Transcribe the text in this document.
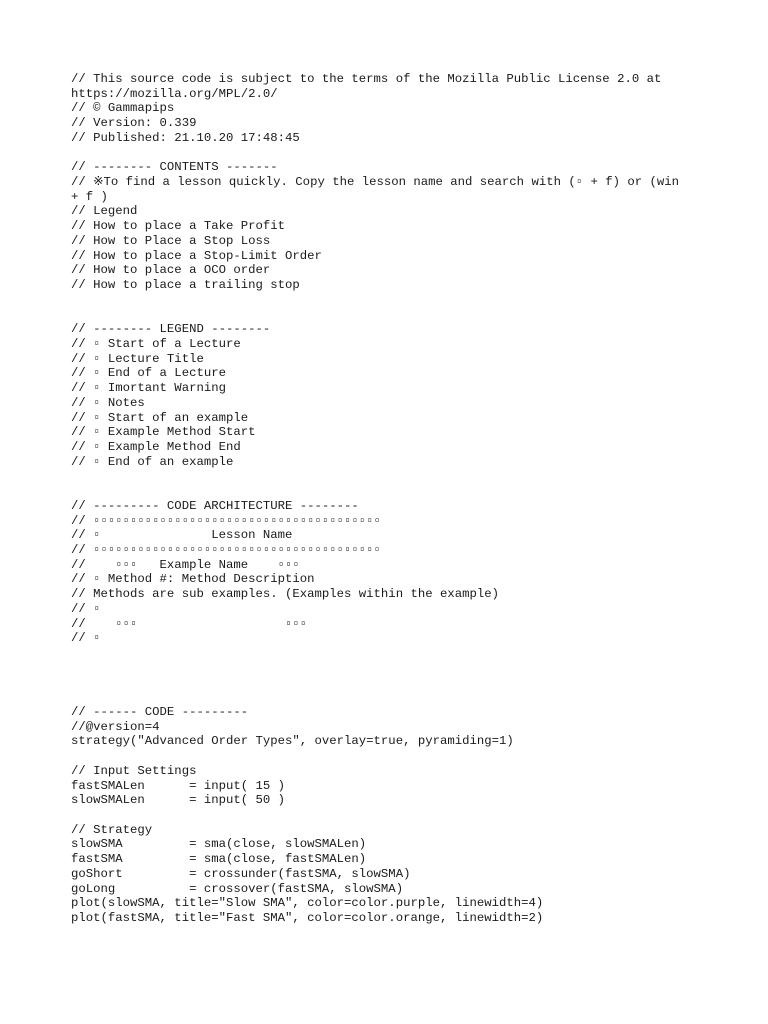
// This source code is subject to the terms of the Mozilla Public License 2.0 at
https://mozilla.org/MPL/2.0/
// © Gammapips
// Version: 0.339
// Published: 21.10.20 17:48:45
// -------- CONTENTS -------
// ※To find a lesson quickly. Copy the lesson name and search with (▫ + f) or (win
+ f )
// Legend
// How to place a Take Profit
// How to Place a Stop Loss
// How to place a Stop-Limit Order
// How to place a OCO order
// How to place a trailing stop
// -------- LEGEND --------
// ▫ Start of a Lecture
// ▫ Lecture Title
// ▫ End of a Lecture
// ▫ Imortant Warning
// ▫ Notes
// ▫ Start of an example
// ▫ Example Method Start
// ▫ Example Method End
// ▫ End of an example
// --------- CODE ARCHITECTURE --------
// ▫▫▫▫▫▫▫▫▫▫▫▫▫▫▫▫▫▫▫▫▫▫▫▫▫▫▫▫▫▫▫▫▫▫▫▫▫▫▫
// ▫               Lesson Name
// ▫▫▫▫▫▫▫▫▫▫▫▫▫▫▫▫▫▫▫▫▫▫▫▫▫▫▫▫▫▫▫▫▫▫▫▫▫▫▫
//    ▫▫▫   Example Name    ▫▫▫
// ▫ Method #: Method Description
// Methods are sub examples. (Examples within the example)
// ▫
//    ▫▫▫                    ▫▫▫
// ▫
// ------ CODE ---------
//@version=4
strategy("Advanced Order Types", overlay=true, pyramiding=1)
// Input Settings
fastSMALen      = input( 15 )
slowSMALen      = input( 50 )
// Strategy
slowSMA         = sma(close, slowSMALen)
fastSMA         = sma(close, fastSMALen)
goShort         = crossunder(fastSMA, slowSMA)
goLong          = crossover(fastSMA, slowSMA)
plot(slowSMA, title="Slow SMA", color=color.purple, linewidth=4)
plot(fastSMA, title="Fast SMA", color=color.orange, linewidth=2)
